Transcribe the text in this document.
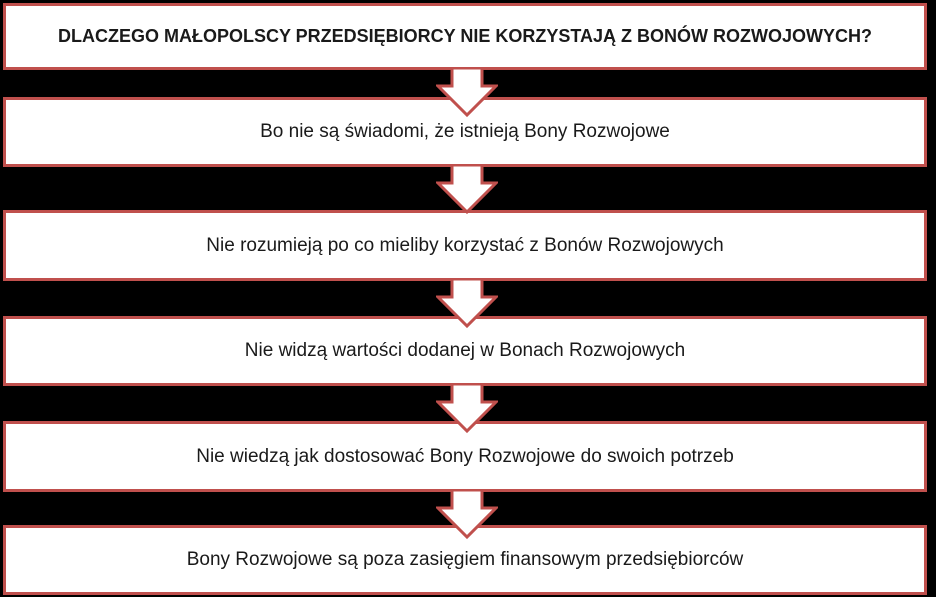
DLACZEGO MAŁOPOLSCY PRZEDSIĘBIORCY NIE KORZYSTAJĄ Z BONÓW ROZWOJOWYCH?
Bo nie są świadomi, że istnieją Bony Rozwojowe
Nie rozumieją po co mieliby korzystać z Bonów Rozwojowych
Nie widzą wartości dodanej w Bonach Rozwojowych
Nie wiedzą jak dostosować Bony Rozwojowe do swoich potrzeb
Bony Rozwojowe są poza zasięgiem finansowym przedsiębiorców
